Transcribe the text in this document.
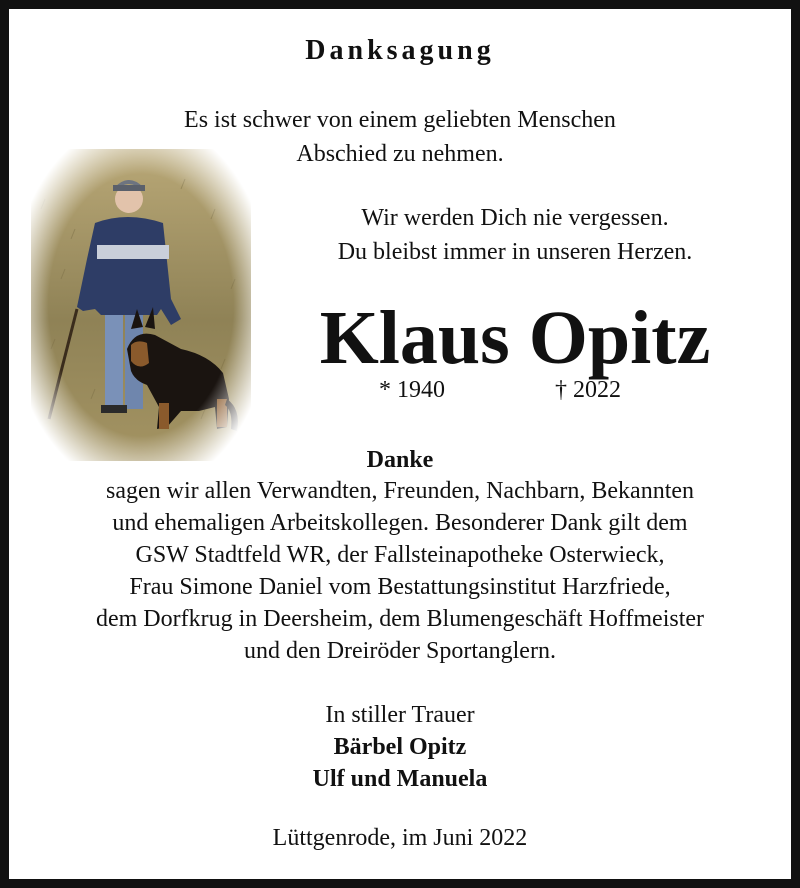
Danksagung
Es ist schwer von einem geliebten Menschen
Abschied zu nehmen.
Wir werden Dich nie vergessen.
Du bleibst immer in unseren Herzen.
Klaus Opitz
* 1940	† 2022
Danke
sagen wir allen Verwandten, Freunden, Nachbarn, Bekannten
und ehemaligen Arbeitskollegen. Besonderer Dank gilt dem
GSW Stadtfeld WR, der Fallsteinapotheke Osterwieck,
Frau Simone Daniel vom Bestattungsinstitut Harzfriede,
dem Dorfkrug in Deersheim, dem Blumengeschäft Hoffmeister
und den Dreiröder Sportanglern.
In stiller Trauer
Bärbel Opitz
Ulf und Manuela
Lüttgenrode, im Juni 2022
